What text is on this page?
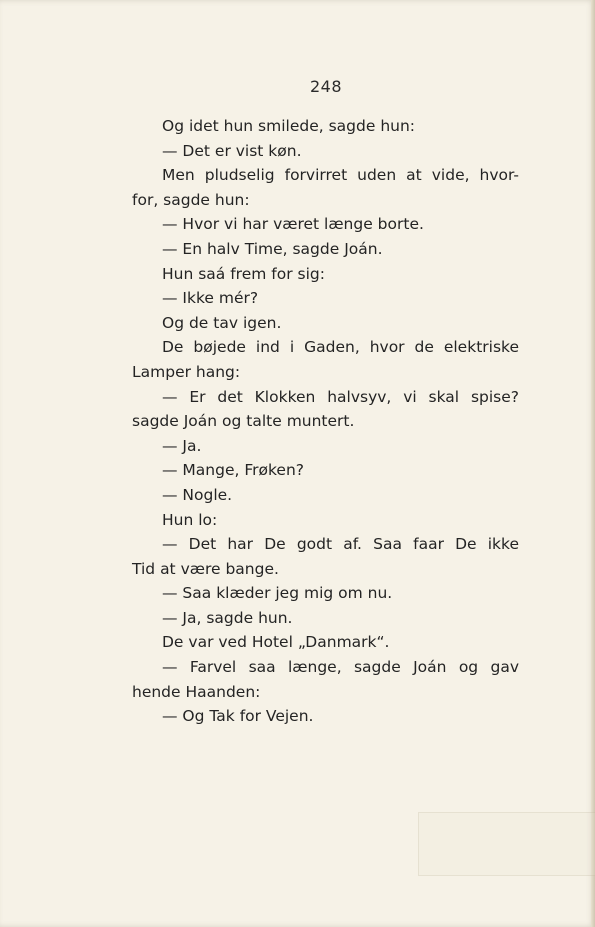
248
Og idet hun smilede, sagde hun:
— Det er vist køn.
Men pludselig forvirret uden at vide, hvor-
for, sagde hun:
— Hvor vi har været længe borte.
— En halv Time, sagde Joán.
Hun saá frem for sig:
— Ikke mér?
Og de tav igen.
De bøjede ind i Gaden, hvor de elektriske
Lamper hang:
— Er det Klokken halvsyv, vi skal spise?
sagde Joán og talte muntert.
— Ja.
— Mange, Frøken?
— Nogle.
Hun lo:
— Det har De godt af. Saa faar De ikke
Tid at være bange.
— Saa klæder jeg mig om nu.
— Ja, sagde hun.
De var ved Hotel „Danmark“.
— Farvel saa længe, sagde Joán og gav
hende Haanden:
— Og Tak for Vejen.
